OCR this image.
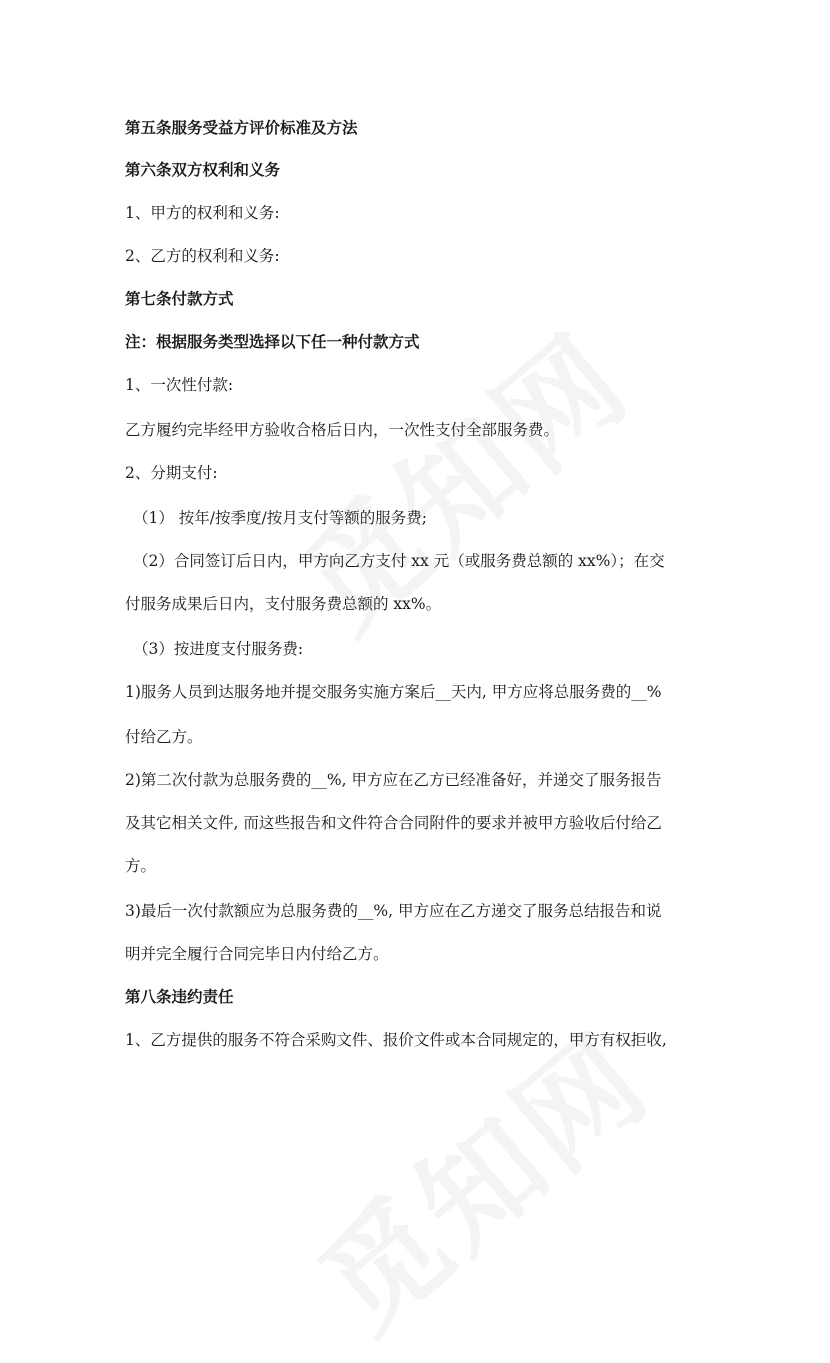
第五条服务受益方评价标准及方法
第六条双方权利和义务
1、甲方的权利和义务:
2、乙方的权利和义务:
第七条付款方式
注：根据服务类型选择以下任一种付款方式
1、一次性付款:
乙方履约完毕经甲方验收合格后日内，一次性支付全部服务费。
2、分期支付:
（1） 按年/按季度/按月支付等额的服务费;
（2）合同签订后日内，甲方向乙方支付 xx 元（或服务费总额的 xx%）；在交
付服务成果后日内，支付服务费总额的 xx%。
（3）按进度支付服务费:
1)服务人员到达服务地并提交服务实施方案后__天内, 甲方应将总服务费的__%
付给乙方。
2)第二次付款为总服务费的__%, 甲方应在乙方已经准备好，并递交了服务报告
及其它相关文件, 而这些报告和文件符合合同附件的要求并被甲方验收后付给乙
方。
3)最后一次付款额应为总服务费的__%, 甲方应在乙方递交了服务总结报告和说
明并完全履行合同完毕日内付给乙方。
第八条违约责任
1、乙方提供的服务不符合采购文件、报价文件或本合同规定的，甲方有权拒收,
